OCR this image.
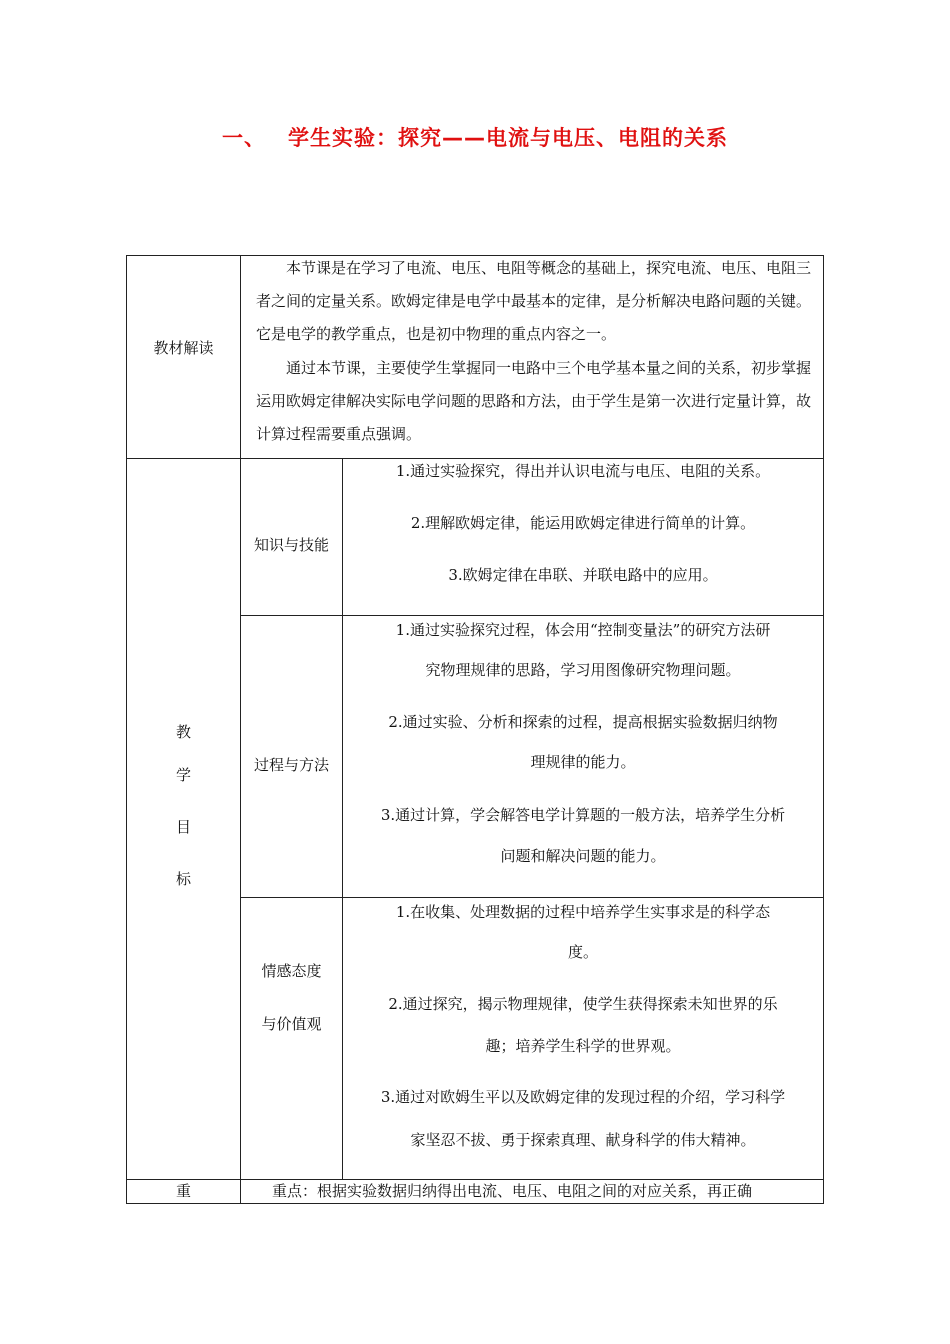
一、 学生实验：探究——电流与电压、电阻的关系
教材解读
本节课是在学习了电流、电压、电阻等概念的基础上，探究电流、电压、电阻三者之间的定量关系。欧姆定律是电学中最基本的定律，是分析解决电路问题的关键。它是电学的教学重点，也是初中物理的重点内容之一。
通过本节课，主要使学生掌握同一电路中三个电学基本量之间的关系，初步掌握运用欧姆定律解决实际电学问题的思路和方法，由于学生是第一次进行定量计算，故计算过程需要重点强调。
教
学
目
标
知识与技能
1.通过实验探究，得出并认识电流与电压、电阻的关系。
2.理解欧姆定律，能运用欧姆定律进行简单的计算。
3.欧姆定律在串联、并联电路中的应用。
过程与方法
1.通过实验探究过程，体会用“控制变量法”的研究方法研
究物理规律的思路，学习用图像研究物理问题。
2.通过实验、分析和探索的过程，提高根据实验数据归纳物
理规律的能力。
3.通过计算，学会解答电学计算题的一般方法，培养学生分析
问题和解决问题的能力。
情感态度
与价值观
1.在收集、处理数据的过程中培养学生实事求是的科学态
度。
2.通过探究，揭示物理规律，使学生获得探索未知世界的乐
趣；培养学生科学的世界观。
3.通过对欧姆生平以及欧姆定律的发现过程的介绍，学习科学
家坚忍不拔、勇于探索真理、献身科学的伟大精神。
重	重点：根据实验数据归纳得出电流、电压、电阻之间的对应关系，再正确
